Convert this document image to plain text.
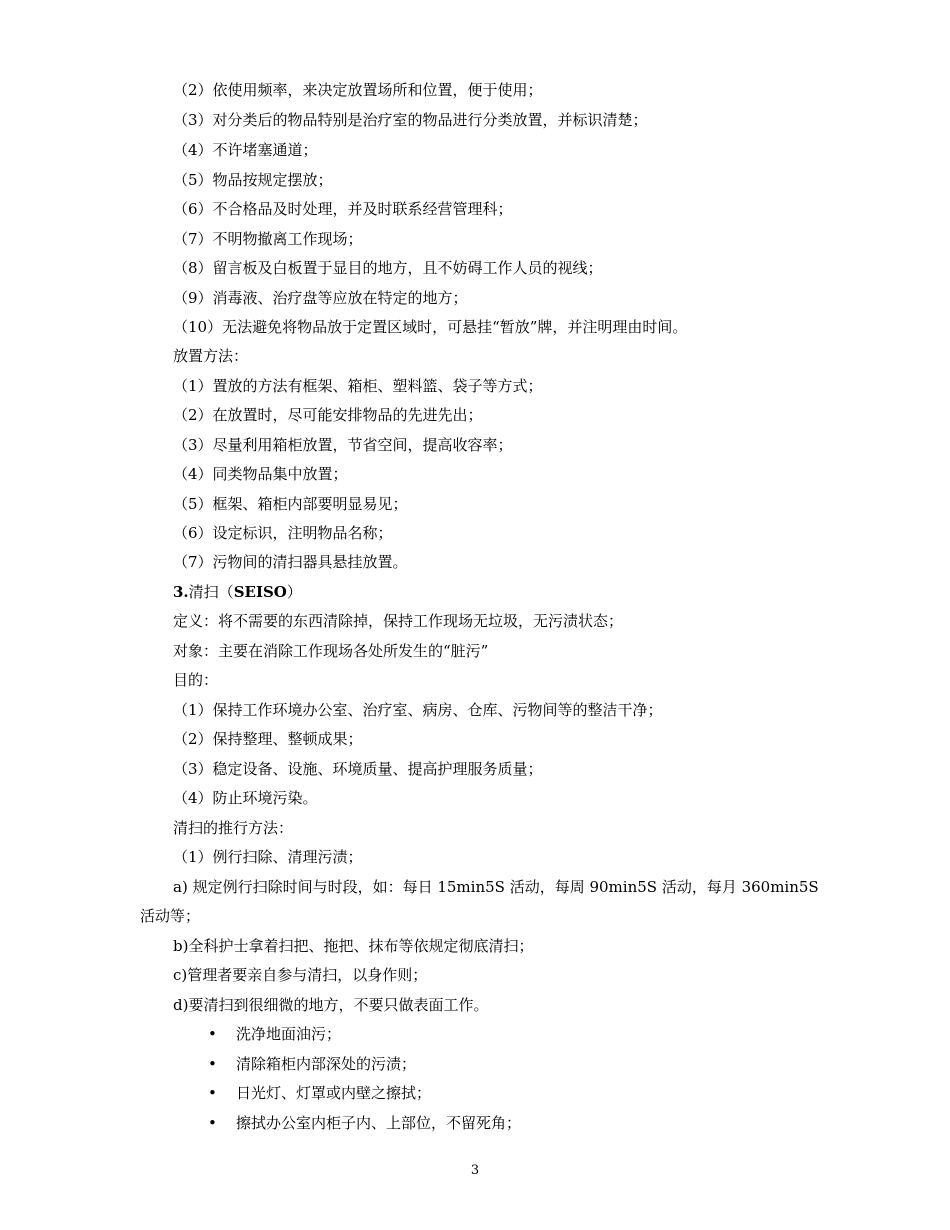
（2）依使用频率，来决定放置场所和位置，便于使用；
（3）对分类后的物品特别是治疗室的物品进行分类放置，并标识清楚；
（4）不许堵塞通道；
（5）物品按规定摆放；
（6）不合格品及时处理，并及时联系经营管理科；
（7）不明物撤离工作现场；
（8）留言板及白板置于显目的地方，且不妨碍工作人员的视线；
（9）消毒液、治疗盘等应放在特定的地方；
（10）无法避免将物品放于定置区域时，可悬挂“暂放”牌，并注明理由时间。
放置方法：
（1）置放的方法有框架、箱柜、塑料篮、袋子等方式；
（2）在放置时，尽可能安排物品的先进先出；
（3）尽量利用箱柜放置，节省空间，提高收容率；
（4）同类物品集中放置；
（5）框架、箱柜内部要明显易见；
（6）设定标识，注明物品名称；
（7）污物间的清扫器具悬挂放置。
3.清扫（SEISO）
定义：将不需要的东西清除掉，保持工作现场无垃圾，无污渍状态；
对象：主要在消除工作现场各处所发生的“脏污”
目的：
（1）保持工作环境办公室、治疗室、病房、仓库、污物间等的整洁干净；
（2）保持整理、整顿成果；
（3）稳定设备、设施、环境质量、提高护理服务质量；
（4）防止环境污染。
清扫的推行方法：
（1）例行扫除、清理污渍；
a) 规定例行扫除时间与时段，如：每日 15min5S 活动，每周 90min5S 活动，每月 360min5S
活动等；
b)全科护士拿着扫把、拖把、抹布等依规定彻底清扫；
c)管理者要亲自参与清扫，以身作则；
d)要清扫到很细微的地方，不要只做表面工作。
• 洗净地面油污；
• 清除箱柜内部深处的污渍；
• 日光灯、灯罩或内壁之擦拭；
• 擦拭办公室内柜子内、上部位，不留死角；
3
